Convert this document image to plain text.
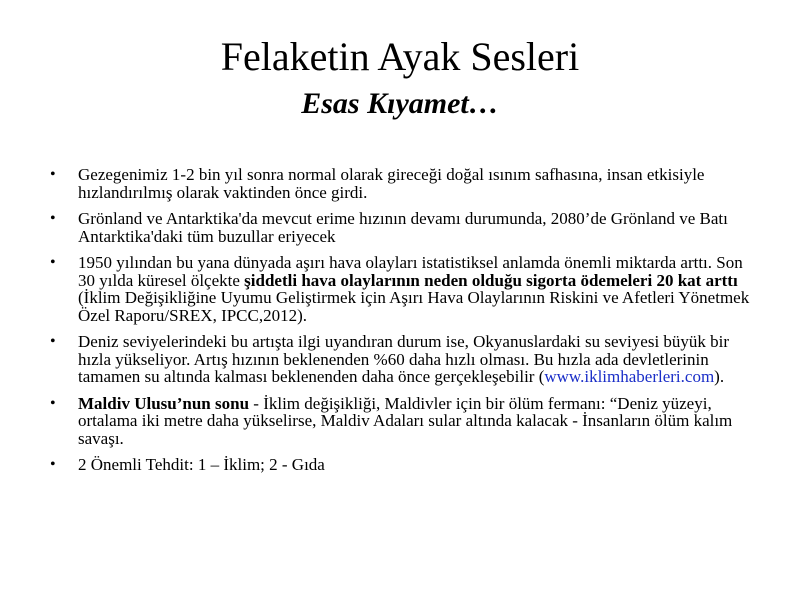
Felaketin Ayak Sesleri
Esas Kıyamet…
• Gezegenimiz 1-2 bin yıl sonra normal olarak gireceği doğal ısınım safhasına, insan etkisiyle hızlandırılmış olarak vaktinden önce girdi.
• Grönland ve Antarktika'da mevcut erime hızının devamı durumunda, 2080’de Grönland ve Batı Antarktika'daki tüm buzullar eriyecek
• 1950 yılından bu yana dünyada aşırı hava olayları istatistiksel anlamda önemli miktarda arttı. Son 30 yılda küresel ölçekte şiddetli hava olaylarının neden olduğu sigorta ödemeleri 20 kat arttı (İklim Değişikliğine Uyumu Geliştirmek için Aşırı Hava Olaylarının Riskini ve Afetleri Yönetmek Özel Raporu/SREX, IPCC,2012).
• Deniz seviyelerindeki bu artışta ilgi uyandıran durum ise, Okyanuslardaki su seviyesi büyük bir hızla yükseliyor. Artış hızının beklenenden %60 daha hızlı olması. Bu hızla ada devletlerinin tamamen su altında kalması beklenenden daha önce gerçekleşebilir (www.iklimhaberleri.com).
• Maldiv Ulusu’nun sonu - İklim değişikliği, Maldivler için bir ölüm fermanı: “Deniz yüzeyi, ortalama iki metre daha yükselirse, Maldiv Adaları sular altında kalacak - İnsanların ölüm kalım savaşı.
• 2 Önemli Tehdit: 1 – İklim; 2 - Gıda
